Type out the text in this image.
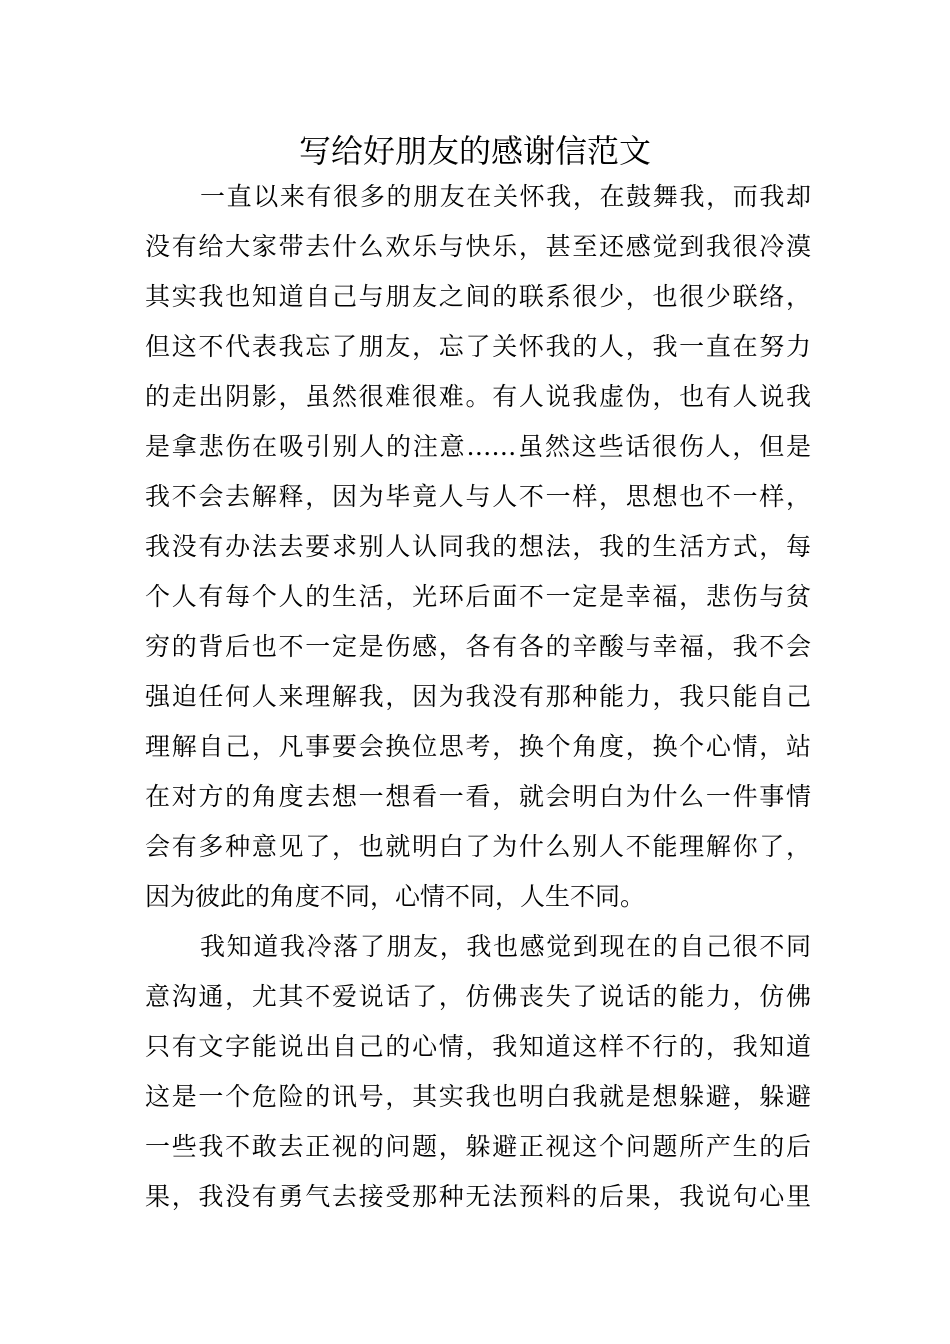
写给好朋友的感谢信范文
一直以来有很多的朋友在关怀我，在鼓舞我，而我却
没有给大家带去什么欢乐与快乐，甚至还感觉到我很冷漠
其实我也知道自己与朋友之间的联系很少，也很少联络，
但这不代表我忘了朋友，忘了关怀我的人，我一直在努力
的走出阴影，虽然很难很难。有人说我虚伪，也有人说我
是拿悲伤在吸引别人的注意……虽然这些话很伤人，但是
我不会去解释，因为毕竟人与人不一样，思想也不一样，
我没有办法去要求别人认同我的想法，我的生活方式，每
个人有每个人的生活，光环后面不一定是幸福，悲伤与贫
穷的背后也不一定是伤感，各有各的辛酸与幸福，我不会
强迫任何人来理解我，因为我没有那种能力，我只能自己
理解自己，凡事要会换位思考，换个角度，换个心情，站
在对方的角度去想一想看一看，就会明白为什么一件事情
会有多种意见了，也就明白了为什么别人不能理解你了，
因为彼此的角度不同，心情不同，人生不同。
我知道我冷落了朋友，我也感觉到现在的自己很不同
意沟通，尤其不爱说话了，仿佛丧失了说话的能力，仿佛
只有文字能说出自己的心情，我知道这样不行的，我知道
这是一个危险的讯号，其实我也明白我就是想躲避，躲避
一些我不敢去正视的问题，躲避正视这个问题所产生的后
果，我没有勇气去接受那种无法预料的后果，我说句心里
